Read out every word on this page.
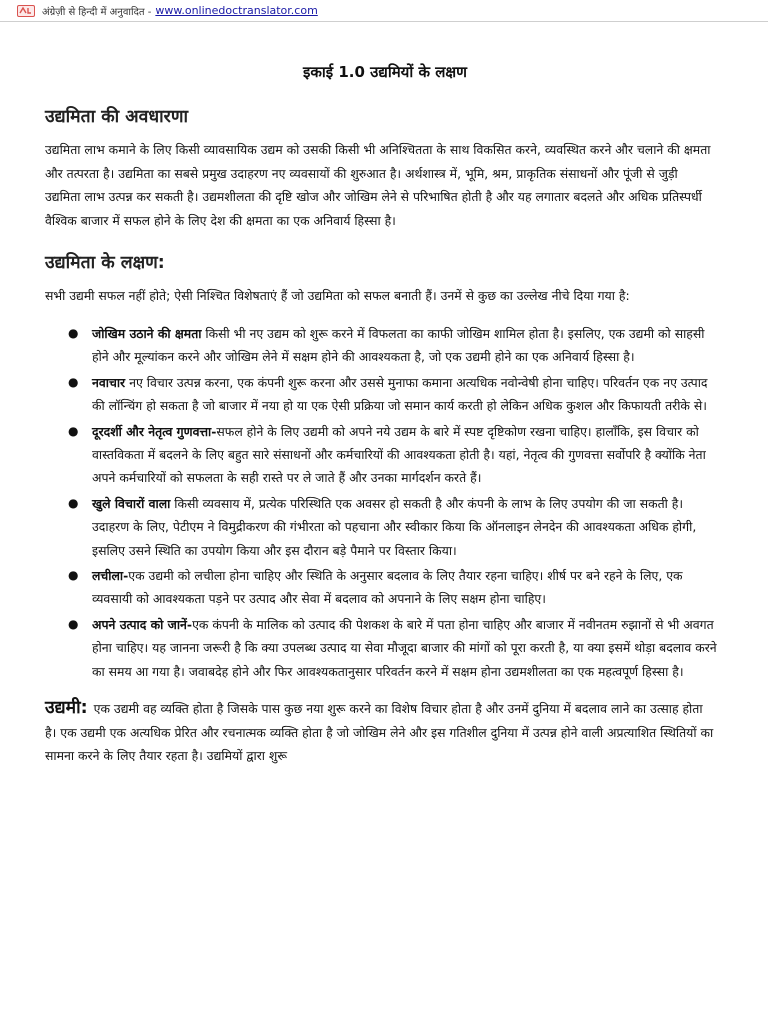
अंग्रेज़ी से हिन्दी में अनुवादित - www.onlinedoctranslator.com
इकाई 1.0 उद्यमियों के लक्षण
उद्यमिता की अवधारणा

उद्यमिता लाभ कमाने के लिए किसी व्यावसायिक उद्यम को उसकी किसी भी अनिश्चितता के साथ विकसित करने, व्यवस्थित करने और चलाने की क्षमता और तत्परता है। उद्यमिता का सबसे प्रमुख उदाहरण नए व्यवसायों की शुरुआत है। अर्थशास्त्र में, भूमि, श्रम, प्राकृतिक संसाधनों और पूंजी से जुड़ी उद्यमिता लाभ उत्पन्न कर सकती है। उद्यमशीलता की दृष्टि खोज और जोखिम लेने से परिभाषित होती है और यह लगातार बदलते और अधिक प्रतिस्पर्धी वैश्विक बाजार में सफल होने के लिए देश की क्षमता का एक अनिवार्य हिस्सा है।

उद्यमिता के लक्षण:

सभी उद्यमी सफल नहीं होते; ऐसी निश्चित विशेषताएं हैं जो उद्यमिता को सफल बनाती हैं। उनमें से कुछ का उल्लेख नीचे दिया गया है:

● जोखिम उठाने की क्षमता किसी भी नए उद्यम को शुरू करने में विफलता का काफी जोखिम शामिल होता है। इसलिए, एक उद्यमी को साहसी होने और मूल्यांकन करने और जोखिम लेने में सक्षम होने की आवश्यकता है, जो एक उद्यमी होने का एक अनिवार्य हिस्सा है।
● नवाचार नए विचार उत्पन्न करना, एक कंपनी शुरू करना और उससे मुनाफा कमाना अत्यधिक नवोन्वेषी होना चाहिए। परिवर्तन एक नए उत्पाद की लॉन्चिंग हो सकता है जो बाजार में नया हो या एक ऐसी प्रक्रिया जो समान कार्य करती हो लेकिन अधिक कुशल और किफायती तरीके से।
● दूरदर्शी और नेतृत्व गुणवत्ता-सफल होने के लिए उद्यमी को अपने नये उद्यम के बारे में स्पष्ट दृष्टिकोण रखना चाहिए। हालाँकि, इस विचार को वास्तविकता में बदलने के लिए बहुत सारे संसाधनों और कर्मचारियों की आवश्यकता होती है। यहां, नेतृत्व की गुणवत्ता सर्वोपरि है क्योंकि नेता अपने कर्मचारियों को सफलता के सही रास्ते पर ले जाते हैं और उनका मार्गदर्शन करते हैं।
● खुले विचारों वाला किसी व्यवसाय में, प्रत्येक परिस्थिति एक अवसर हो सकती है और कंपनी के लाभ के लिए उपयोग की जा सकती है। उदाहरण के लिए, पेटीएम ने विमुद्रीकरण की गंभीरता को पहचाना और स्वीकार किया कि ऑनलाइन लेनदेन की आवश्यकता अधिक होगी, इसलिए उसने स्थिति का उपयोग किया और इस दौरान बड़े पैमाने पर विस्तार किया।
● लचीला-एक उद्यमी को लचीला होना चाहिए और स्थिति के अनुसार बदलाव के लिए तैयार रहना चाहिए। शीर्ष पर बने रहने के लिए, एक व्यवसायी को आवश्यकता पड़ने पर उत्पाद और सेवा में बदलाव को अपनाने के लिए सक्षम होना चाहिए।
● अपने उत्पाद को जानें-एक कंपनी के मालिक को उत्पाद की पेशकश के बारे में पता होना चाहिए और बाजार में नवीनतम रुझानों से भी अवगत होना चाहिए। यह जानना जरूरी है कि क्या उपलब्ध उत्पाद या सेवा मौजूदा बाजार की मांगों को पूरा करती है, या क्या इसमें थोड़ा बदलाव करने का समय आ गया है। जवाबदेह होने और फिर आवश्यकतानुसार परिवर्तन करने में सक्षम होना उद्यमशीलता का एक महत्वपूर्ण हिस्सा है।
उद्यमी: एक उद्यमी वह व्यक्ति होता है जिसके पास कुछ नया शुरू करने का विशेष विचार होता है और उनमें दुनिया में बदलाव लाने का उत्साह होता है। एक उद्यमी एक अत्यधिक प्रेरित और रचनात्मक व्यक्ति होता है जो जोखिम लेने और इस गतिशील दुनिया में उत्पन्न होने वाली अप्रत्याशित स्थितियों का सामना करने के लिए तैयार रहता है। उद्यमियों द्वारा शुरू
